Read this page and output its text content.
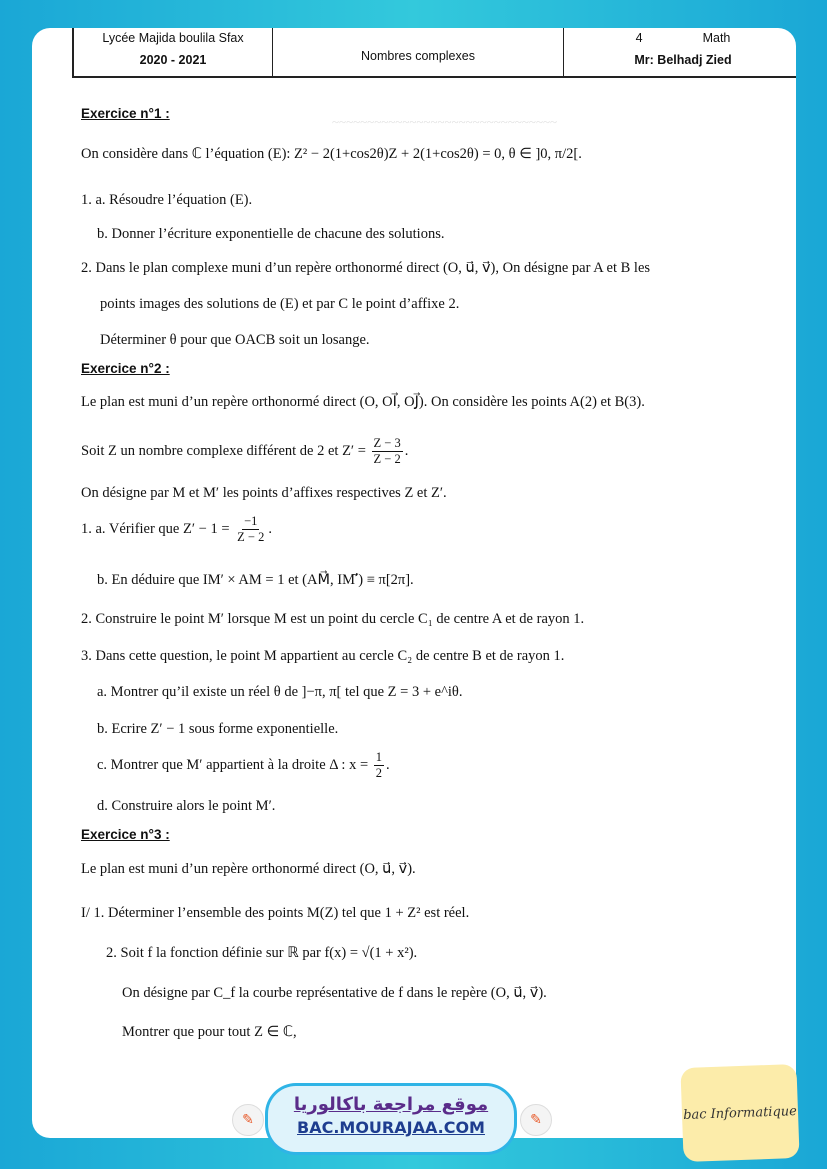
~~~~~~~~~~~~~~~~~~~~~~~~~~~~~~~~
Lycée Majida boulila Sfax
2020 - 2021	Nombres complexes
4	Math
Mr: Belhadj Zied
Exercice n°1 :
On considère dans ℂ l’équation (E): Z² − 2(1+cos2θ)Z + 2(1+cos2θ) = 0, θ ∈ ]0, π/2[.
1. a. Résoudre l’équation (E).
b. Donner l’écriture exponentielle de chacune des solutions.
2. Dans le plan complexe muni d’un repère orthonormé direct (O, u⃗, v⃗), On désigne par A et B les
points images des solutions de (E) et par C le point d’affixe 2.
Déterminer θ pour que OACB soit un losange.
Exercice n°2 :
Le plan est muni d’un repère orthonormé direct (O, OI⃗, OJ⃗). On considère les points A(2) et B(3).
Soit Z un nombre complexe différent de 2 et $Z' = \frac{Z - 3}{Z - 2}$ .
On désigne par M et M′ les points d’affixes respectives Z et Z′.
1. a. Vérifier que $Z' - 1 = \frac{-1}{Z - 2}$ .
b. En déduire que IM′ × AM = 1 et (AM⃗, IM′⃗) ≡ π[2π].
2. Construire le point M′ lorsque M est un point du cercle C₁ de centre A et de rayon 1.
3. Dans cette question, le point M appartient au cercle C₂ de centre B et de rayon 1.
a. Montrer qu’il existe un réel θ de ]−π, π[ tel que Z = 3 + e^iθ.
b. Ecrire Z′ − 1 sous forme exponentielle.
c. Montrer que M′ appartient à la droite Δ : $x = \frac{1}{2}$ .
d. Construire alors le point M′.
Exercice n°3 :
Le plan est muni d’un repère orthonormé direct (O, u⃗, v⃗).
I/ 1. Déterminer l’ensemble des points M(Z) tel que 1 + Z² est réel.
2. Soit f la fonction définie sur ℝ par f(x) = √(1 + x²).
On désigne par C_f la courbe représentative de f dans le repère (O, u⃗, v⃗).
Montrer que pour tout Z ∈ ℂ,
✎
موقع مراجعة باكالوريا
BAC.MOURAJAA.COM	✎	bac Informatique
